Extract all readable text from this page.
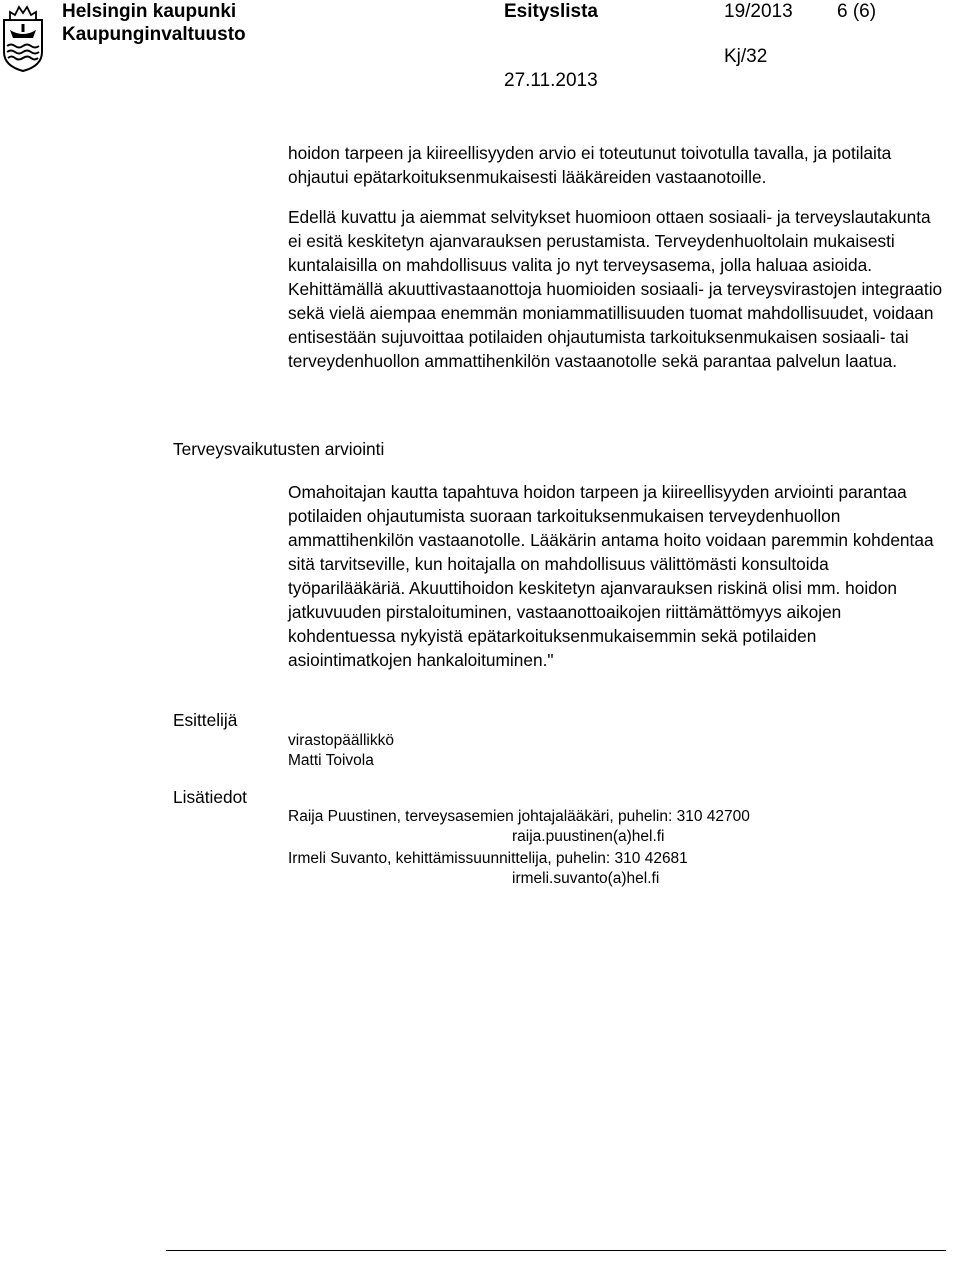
Helsingin kaupunki
Kaupunginvaltuusto
Esityslista	19/2013 6 (6)
Kj/32
27.11.2013

hoidon tarpeen ja kiireellisyyden arvio ei toteutunut toivotulla tavalla, ja potilaita ohjautui epätarkoituksenmukaisesti lääkäreiden vastaanotoille.

Edellä kuvattu ja aiemmat selvitykset huomioon ottaen sosiaali- ja terveyslautakunta ei esitä keskitetyn ajanvarauksen perustamista. Terveydenhuoltolain mukaisesti kuntalaisilla on mahdollisuus valita jo nyt terveysasema, jolla haluaa asioida. Kehittämällä akuuttivastaanottoja huomioiden sosiaali- ja terveysvirastojen integraatio sekä vielä aiempaa enemmän moniammatillisuuden tuomat mahdollisuudet, voidaan entisestään sujuvoittaa potilaiden ohjautumista tarkoituksenmukaisen sosiaali- tai terveydenhuollon ammattihenkilön vastaanotolle sekä parantaa palvelun laatua.

Terveysvaikutusten arviointi

Omahoitajan kautta tapahtuva hoidon tarpeen ja kiireellisyyden arviointi parantaa potilaiden ohjautumista suoraan tarkoituksenmukaisen terveydenhuollon ammattihenkilön vastaanotolle. Lääkärin antama hoito voidaan paremmin kohdentaa sitä tarvitseville, kun hoitajalla on mahdollisuus välittömästi konsultoida työparilääkäriä. Akuuttihoidon keskitetyn ajanvarauksen riskinä olisi mm. hoidon jatkuvuuden pirstaloituminen, vastaanottoaikojen riittämättömyys aikojen kohdentuessa nykyistä epätarkoituksenmukaisemmin sekä potilaiden asiointimatkojen hankaloituminen."

Esittelijä
virastopäällikkö
Matti Toivola
Lisätiedot
Raija Puustinen, terveysasemien johtajalääkäri, puhelin: 310 42700
raija.puustinen(a)hel.fi
Irmeli Suvanto, kehittämissuunnittelija, puhelin: 310 42681
irmeli.suvanto(a)hel.fi
